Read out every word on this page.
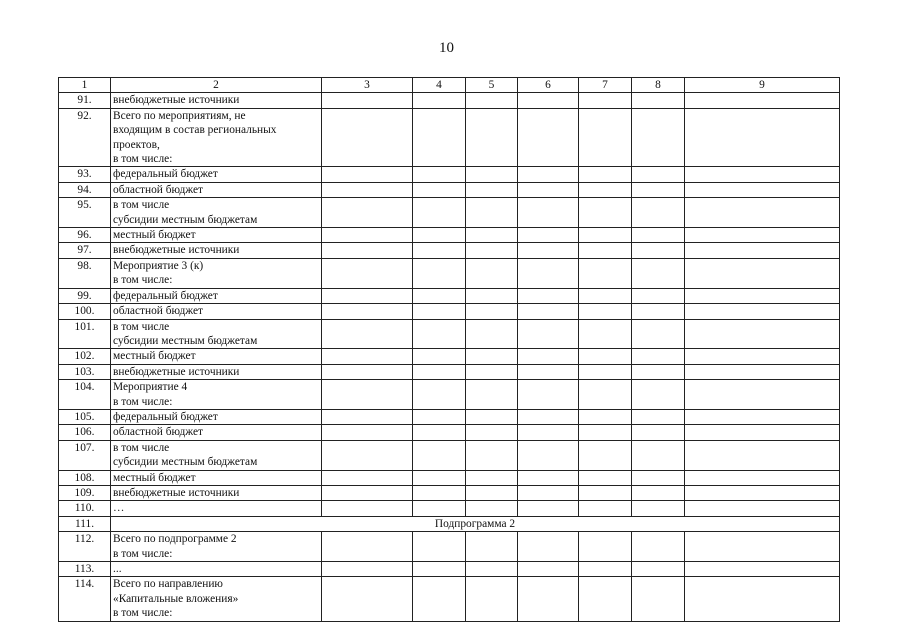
10
1	2	3	4	5	6	7	8	9
91.	внебюджетные источники							

92.	Всего по мероприятиям, не
входящим в состав региональных
проектов,
в том числе:							

93.	федеральный бюджет							

94.	областной бюджет							

95.	в том числе
субсидии местным бюджетам							

96.	местный бюджет							

97.	внебюджетные источники							

98.	Мероприятие 3 (к)
в том числе:							

99.	федеральный бюджет							

100.	областной бюджет							

101.	в том числе
субсидии местным бюджетам							

102.	местный бюджет							

103.	внебюджетные источники							

104.	Мероприятие 4
в том числе:							

105.	федеральный бюджет							

106.	областной бюджет							

107.	в том числе
субсидии местным бюджетам							

108.	местный бюджет							

109.	внебюджетные источники							

110.	…							

111.	Подпрограмма 2							
112.	Всего по подпрограмме 2
в том числе:							

113.	...							

114.	Всего по направлению
«Капитальные вложения»
в том числе:							
